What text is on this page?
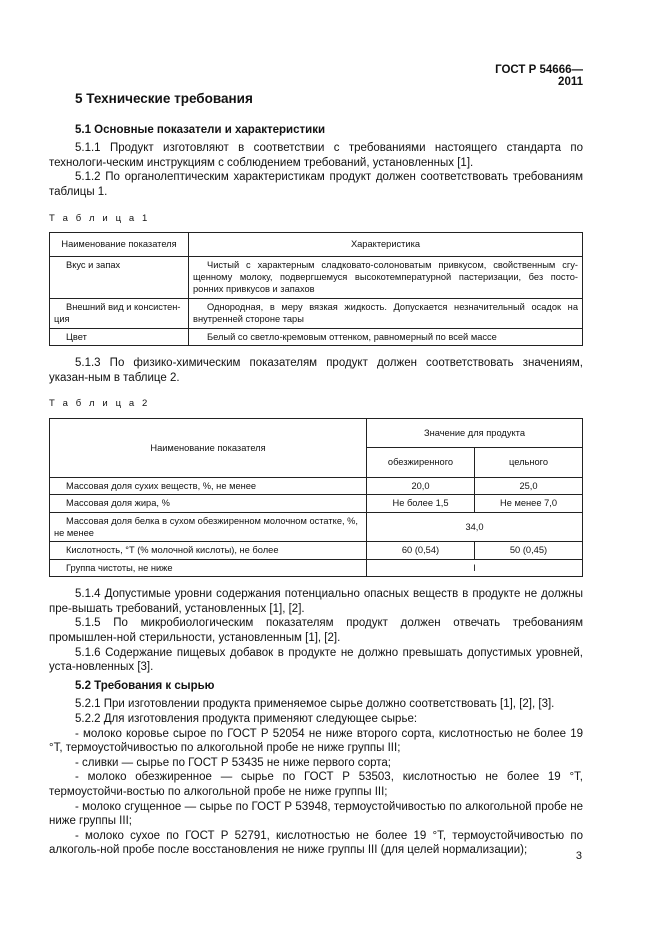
ГОСТ Р 54666—2011
5 Технические требования
5.1 Основные показатели и характеристики

5.1.1 Продукт изготовляют в соответствии с требованиями настоящего стандарта по технологи-ческим инструкциям с соблюдением требований, установленных [1].

5.1.2 По органолептическим характеристикам продукт должен соответствовать требованиям таблицы 1.

Т а б л и ц а 1
Наименование показателя	Характеристика
Вкус и запах	Чистый с характерным сладковато-солоноватым привкусом, свойственным сгу-щенному молоку, подвергшемуся высокотемпературной пастеризации, без посто-ронних привкусов и запахов
Внешний вид и консистен-ция	Однородная, в меру вязкая жидкость. Допускается незначительный осадок на внутренней стороне тары
Цвет	Белый со светло-кремовым оттенком, равномерный по всей массе

5.1.3 По физико-химическим показателям продукт должен соответствовать значениям, указан-ным в таблице 2.

Т а б л и ц а 2
Наименование показателя	Значение для продукта	
	обезжиренного	цельного
Массовая доля сухих веществ, %, не менее	20,0	25,0
Массовая доля жира, %	Не более 1,5	Не менее 7,0
Массовая доля белка в сухом обезжиренном молочном остатке, %, не менее	34,0	
Кислотность, °Т (% молочной кислоты), не более	60 (0,54)	50 (0,45)
Группа чистоты, не ниже	I	

5.1.4 Допустимые уровни содержания потенциально опасных веществ в продукте не должны пре-вышать требований, установленных [1], [2].

5.1.5 По микробиологическим показателям продукт должен отвечать требованиям промышлен-ной стерильности, установленным [1], [2].

5.1.6 Содержание пищевых добавок в продукте не должно превышать допустимых уровней, уста-новленных [3].

5.2 Требования к сырью

5.2.1 При изготовлении продукта применяемое сырье должно соответствовать [1], [2], [3].

5.2.2 Для изготовления продукта применяют следующее сырье:

- молоко коровье сырое по ГОСТ Р 52054 не ниже второго сорта, кислотностью не более 19 °Т, термоустойчивостью по алкогольной пробе не ниже группы III;

- сливки — сырье по ГОСТ Р 53435 не ниже первого сорта;

- молоко обезжиренное — сырье по ГОСТ Р 53503, кислотностью не более 19 °Т, термоустойчи-востью по алкогольной пробе не ниже группы III;

- молоко сгущенное — сырье по ГОСТ Р 53948, термоустойчивостью по алкогольной пробе не ниже группы III;

- молоко сухое по ГОСТ Р 52791, кислотностью не более 19 °Т, термоустойчивостью по алкоголь-ной пробе после восстановления не ниже группы III (для целей нормализации);	3
